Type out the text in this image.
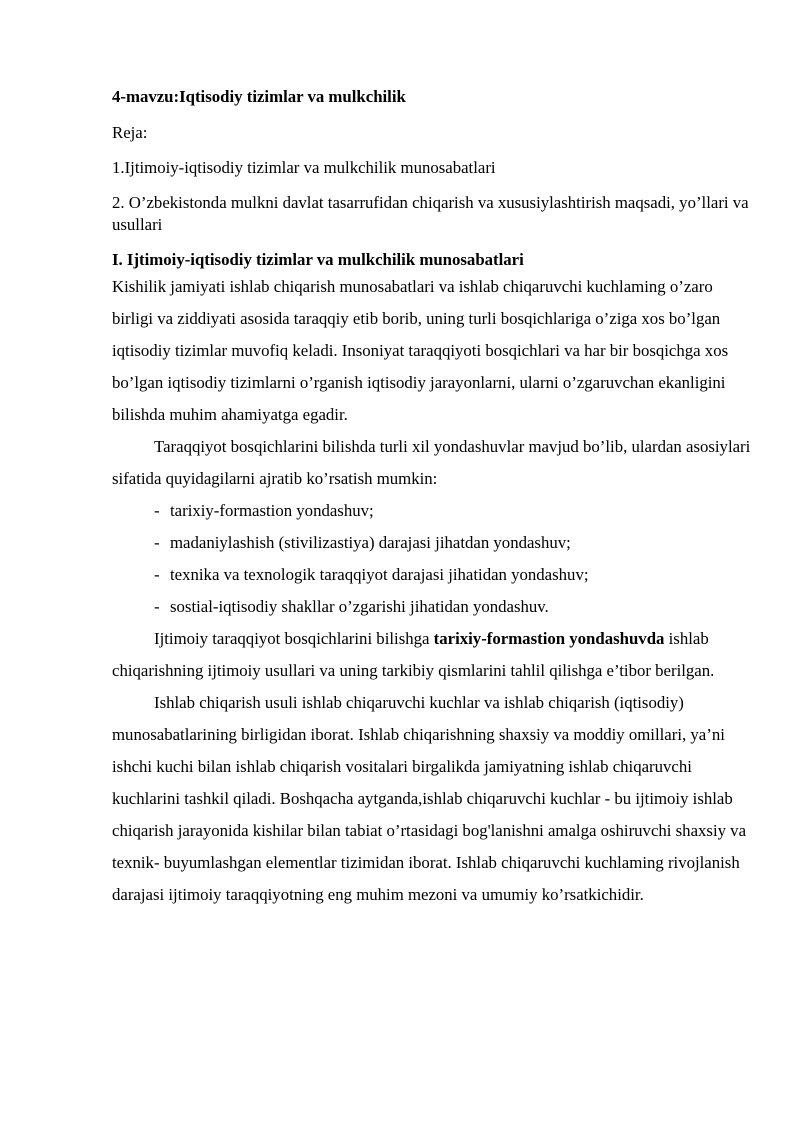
4-mavzu:Iqtisodiy tizimlar va mulkchilik

Reja:

1.Ijtimoiy-iqtisodiy tizimlar va mulkchilik munosabatlari

2. O’zbekistonda mulkni davlat tasarrufidan chiqarish va xususiylashtirish maqsadi, yo’llari va usullari

I. Ijtimoiy-iqtisodiy tizimlar va mulkchilik munosabatlari

Kishilik jamiyati ishlab chiqarish munosabatlari va ishlab chiqaruvchi kuchlaming o’zaro birligi va ziddiyati asosida taraqqiy etib borib, uning turli bosqichlariga o’ziga xos bo’lgan iqtisodiy tizimlar muvofiq keladi. Insoniyat taraqqiyoti bosqichlari va har bir bosqichga xos bo’lgan iqtisodiy tizimlarni o’rganish iqtisodiy jarayonlarni, ularni o’zgaruvchan ekanligini bilishda muhim ahamiyatga egadir.

Taraqqiyot bosqichlarini bilishda turli xil yondashuvlar mavjud bo’lib, ulardan asosiylari sifatida quyidagilarni ajratib ko’rsatish mumkin:

- tarixiy-formastion yondashuv;
- madaniylashish (stivilizastiya) darajasi jihatdan yondashuv;
- texnika va texnologik taraqqiyot darajasi jihatidan yondashuv;
- sostial-iqtisodiy shakllar o’zgarishi jihatidan yondashuv.

Ijtimoiy taraqqiyot bosqichlarini bilishga tarixiy-formastion yondashuvda ishlab chiqarishning ijtimoiy usullari va uning tarkibiy qismlarini tahlil qilishga e’tibor berilgan.

Ishlab chiqarish usuli ishlab chiqaruvchi kuchlar va ishlab chiqarish (iqtisodiy) munosabatlarining birligidan iborat. Ishlab chiqarishning shaxsiy va moddiy omillari, ya’ni ishchi kuchi bilan ishlab chiqarish vositalari birgalikda jamiyatning ishlab chiqaruvchi kuchlarini tashkil qiladi. Boshqacha aytganda,ishlab chiqaruvchi kuchlar - bu ijtimoiy ishlab chiqarish jarayonida kishilar bilan tabiat o’rtasidagi bog'lanishni amalga oshiruvchi shaxsiy va texnik- buyumlashgan elementlar tizimidan iborat. Ishlab chiqaruvchi kuchlaming rivojlanish darajasi ijtimoiy taraqqiyotning eng muhim mezoni va umumiy ko’rsatkichidir.
